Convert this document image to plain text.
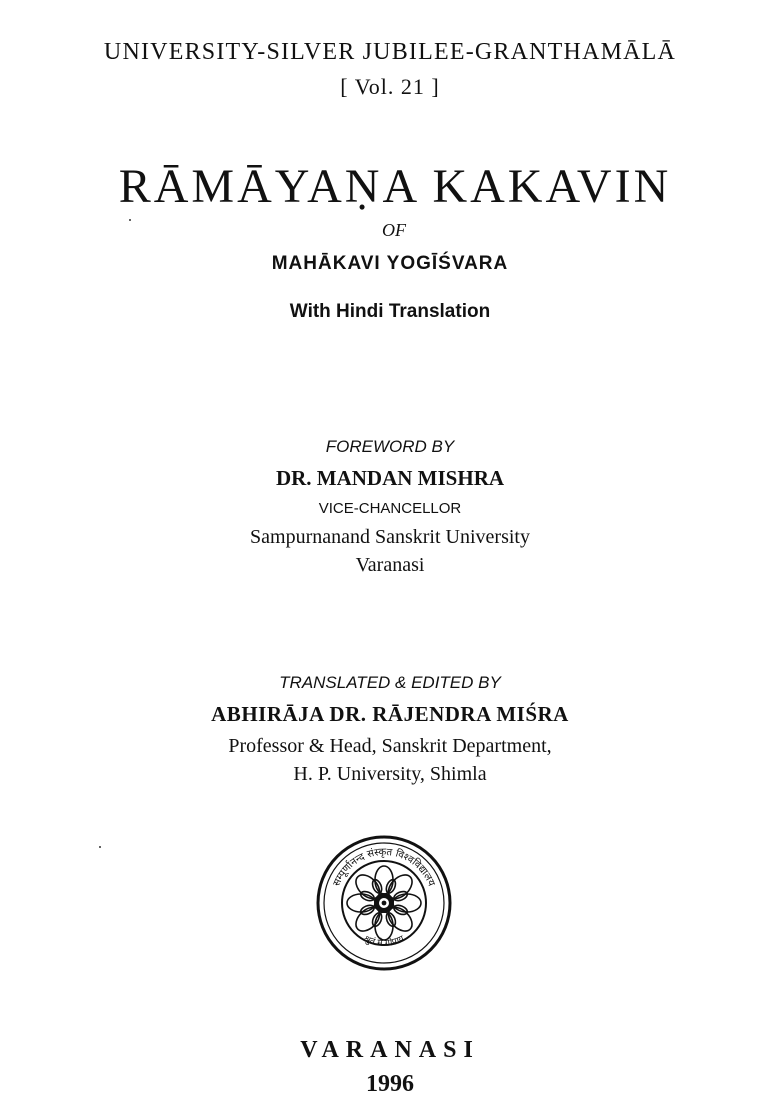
UNIVERSITY-SILVER JUBILEE-GRANTHAMĀLĀ
[ Vol. 21 ]
RĀMĀYAṆA KAKAVIN
OF
MAHĀKAVI YOGĪŚVARA
With Hindi Translation
FOREWORD BY
DR. MANDAN MISHRA
VICE-CHANCELLOR
Sampurnanand Sanskrit University
Varanasi
TRANSLATED & EDITED BY
ABHIRĀJA DR. RĀJENDRA MIŚRA
Professor & Head, Sanskrit Department,
H. P. University, Shimla
सम्पूर्णानन्द संस्कृत विश्वविद्यालय
श्रुतं मे गोपाय
VARANASI
1996
